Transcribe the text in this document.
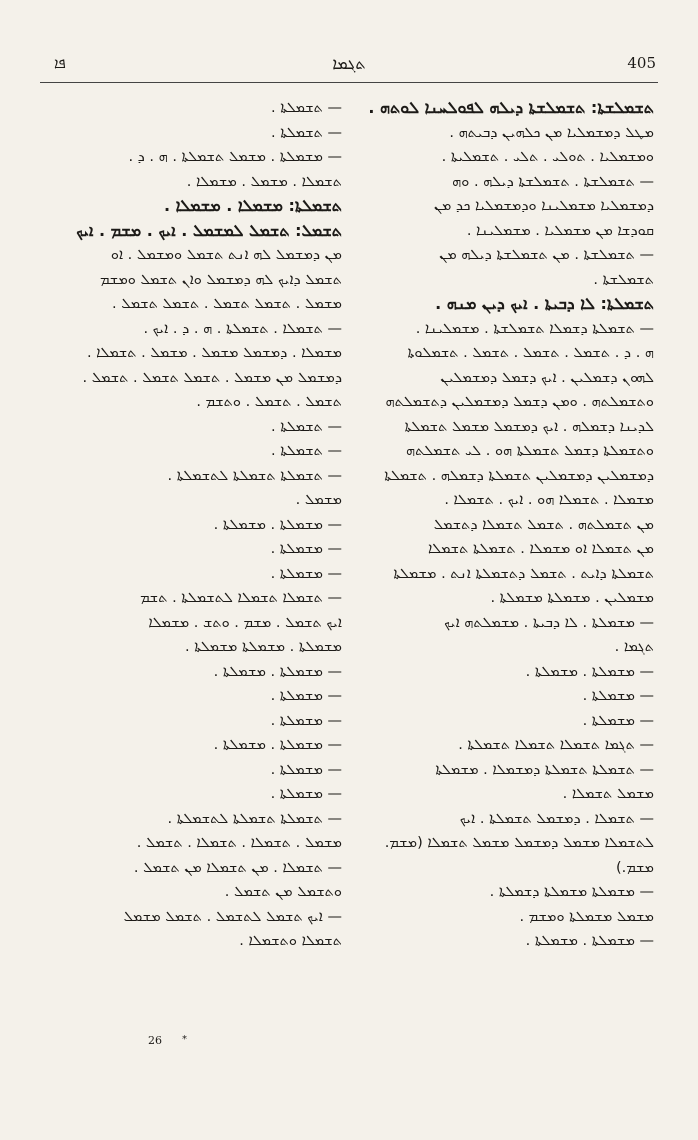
ܦܐ	ܬܓܡܐ	405

— ܬܫܡܠܬܐ .

— ܬܫܡܠܬܐ .

— ܡܫܡܠܬܐ . ܡܫܡܠ ܬܫܡܠܬܐ . ܗ . ܕ .

ܬܫܡܠܐ . ܡܫܡܠ . ܡܫܡܠܐ .

ܬܫܡܠܬܐ: ܡܫܡܠܐ . ܡܫܡܠܐ .

ܬܫܡܠ: ܬܫܡܠ ܠܡܫܡܠ . ܐܝܟ . ܡܫܡ . ܐܝܟ

ܡܢ ܕܡܫܡܠ ܠܗ ܐܢܬ ܬܫܡܠ ܘܡܫܡܠ . ܐܘ

ܬܫܡܠ ܕܐܝܟ ܠܗ ܕܡܫܡܠ ܘܐܢ ܬܫܡܠ ܘܡܫܡ

ܡܫܡܠ . ܬܫܡܠ ܬܫܡܠ . ܬܫܡܠ ܬܫܡܠ .

— ܬܫܡܠܐ . ܬܫܡܠܬܐ . ܗ . ܕ . ܐܝܟ .

ܡܫܡܠܐ . ܕܡܫܡܠ ܡܫܡܠ . ܡܫܡܠ . ܬܫܡܠܐ .

ܕܡܫܡܠ ܡܢ ܡܫܡܠ . ܬܫܡܠ ܬܫܡܠ . ܬܫܡܠ .

ܬܫܡܠ . ܬܫܡܠ . ܘܬܫܡ .

— ܬܫܡܠܬܐ .

— ܬܫܡܠܬܐ .

— ܬܫܡܠܬܐ ܬܫܡܠܬܐ ܠܬܫܡܠܬܐ .

ܡܫܡܠ .

— ܡܫܡܠܬܐ . ܡܫܡܠܬܐ .

— ܡܫܡܠܬܐ .

— ܡܫܡܠܬܐ .

— ܬܫܡܠܐ ܬܫܡܠܐ ܠܬܫܡܠܬܐ . ܬܫܡ

ܐܝܟ ܬܫܡܠ . ܡܫܡ . ܘܬܫ . ܡܫܡܠܐ

ܡܫܡܠܬܐ . ܡܫܡܠܬܐ ܡܫܡܠܬܐ .

— ܡܫܡܠܬܐ . ܡܫܡܠܬܐ .

— ܡܫܡܠܬܐ .

— ܡܫܡܠܬܐ .

— ܡܫܡܠܬܐ . ܡܫܡܠܬܐ .

— ܡܫܡܠܬܐ .

— ܡܫܡܠܬܐ .

— ܬܫܡܠܬܐ ܬܫܡܠܬܐ ܠܬܫܡܠܬܐ .

ܡܫܡܠ . ܬܫܡܠܐ . ܬܫܡܠܐ . ܬܫܡܠ .

— ܬܫܡܠܐ . ܡܢ ܬܫܡܠܐ ܡܢ ܬܫܡܠ .

ܘܬܫܡܠ ܡܢ ܬܫܡܠ .

— ܐܝܟ ܬܫܡܠ ܠܬܫܡܠ . ܬܫܡܠ ܡܫܡܠ

ܬܫܡܠܐ ܘܬܫܡܠܐ .

ܬܫܡܠܫܬܐ: ܬܫܡܠܫܬܐ ܕܝܠܗ ܠܦܘܠܚܢܐ ܠܘܬܗ .

ܡܛܠ ܕܡܫܡܠܝܐ ܡܢ ܟܠܗܝܢ ܕܒܝܬܗ .

ܘܡܫܡܠܝܐ . ܬܘܠܝ . ܬܠܝ . ܬܫܡܠܝܬܐ .

— ܬܫܡܠܫܬܐ . ܬܫܡܠܫܬܐ ܕܝܠܗ . ܘܗ

ܕܡܫܡܠܝܐ ܡܫܡܠܝܢܐ ܘܕܡܫܡܠܝܐ ܟܕ ܡܢ

ܩܘܕܫܐ ܡܢ ܡܫܡܠܝܐ . ܡܫܡܠܝܢܐ .

— ܬܫܡܠܫܬܐ . ܡܢ ܬܫܡܠܫܬܐ ܕܝܠܗ ܡܢ

ܬܫܡܠܫܬܐ .

ܬܫܡܠܬܐ: ܠܐ ܕܒܝܬܐ . ܐܝܟ ܕܝܢ ܡܢܗ .

— ܬܫܡܠܬܐ ܕܫܡܠܐ ܬܫܡܠܫܬܐ . ܡܫܡܠܝܢܐ .

ܗ . ܕ . ܬܫܡܠ . ܬܫܡܠ . ܬܫܡܠ . ܬܫܡܠܘܬܐ

ܠܗܘܢ ܕܫܡܠܝܢ . ܐܝܟ ܕܫܡܠ ܕܡܫܡܠܝܢ

ܘܬܫܡܠܬܗ . ܘܡܢ ܕܫܡܠ ܕܡܫܡܠܝܢ ܕܬܫܡܠܬܗ

ܠܕܝܢܐ ܕܫܡܠܗ . ܐܝܟ ܕܡܫܡܠ ܡܫܡܠ ܬܫܡܠܬܐ

ܘܬܫܡܠܬܐ ܕܫܡܠ ܬܫܡܠܬܐ ܗܘ . ܠܝ ܬܫܡܠܬܗ

ܕܡܫܡܠܝܢ ܕܡܫܡܠܝܢ ܬܫܡܠܬܐ ܕܫܡܠܗ . ܬܫܡܠܬܐ

ܡܫܡܠܐ . ܬܫܡܠܐ ܗܘ . ܐܝܟ . ܬܫܡܠܐ .

ܡܢ ܬܫܡܠܬܗ . ܬܫܡܠ ܬܫܡܠܐ ܕܬܫܡܠ

ܡܢ ܬܫܡܠܐ ܐܘ ܡܫܡܠܐ . ܬܫܡܠܬܐ ܬܫܡܠܐ

ܬܫܡܠܬܐ ܕܐܝܬ . ܬܫܡܠ ܕܬܫܡܠܬܐ ܐܢܬ . ܡܫܡܠܬܐ

ܡܫܡܠܝܢ . ܡܫܡܠܬܐ ܡܫܡܠܬܐ .

— ܡܫܡܠܬܐ . ܠܐ ܕܒܝܬܐ . ܡܫܡܠܬܗ ܐܝܟ

ܬܓܡܐ .

— ܡܫܡܠܬܐ . ܡܫܡܠܬܐ .

— ܡܫܡܠܬܐ .

— ܡܫܡܠܬܐ .

— ܬܓܡܐ ܬܫܡܠܐ ܬܫܡܠܐ ܬܫܡܠܬܐ .

— ܬܫܡܠܬܐ ܬܫܡܠܬܐ ܕܡܫܡܠܐ . ܡܫܡܠܬܐ

ܡܫܡܠ ܬܫܡܠܐ .

— ܬܫܡܠܐ . ܕܡܫܡܠ ܬܫܡܠܬܐ . ܐܝܟ

ܠܬܫܡܠܐ ܡܫܡܠ ܕܡܫܡܠ ܡܫܡܠ ܬܫܡܠܐ (ܡܫܡ.

ܡܫܡ.)

— ܡܫܡܠܬܐ ܡܫܡܠܬܐ ܕܫܡܠܬܐ .

ܡܫܡܠ ܡܫܡܠܬܐ ܘܡܫܡ .

— ܡܫܡܠܬܐ . ܡܫܡܠܬܐ .

26 *
